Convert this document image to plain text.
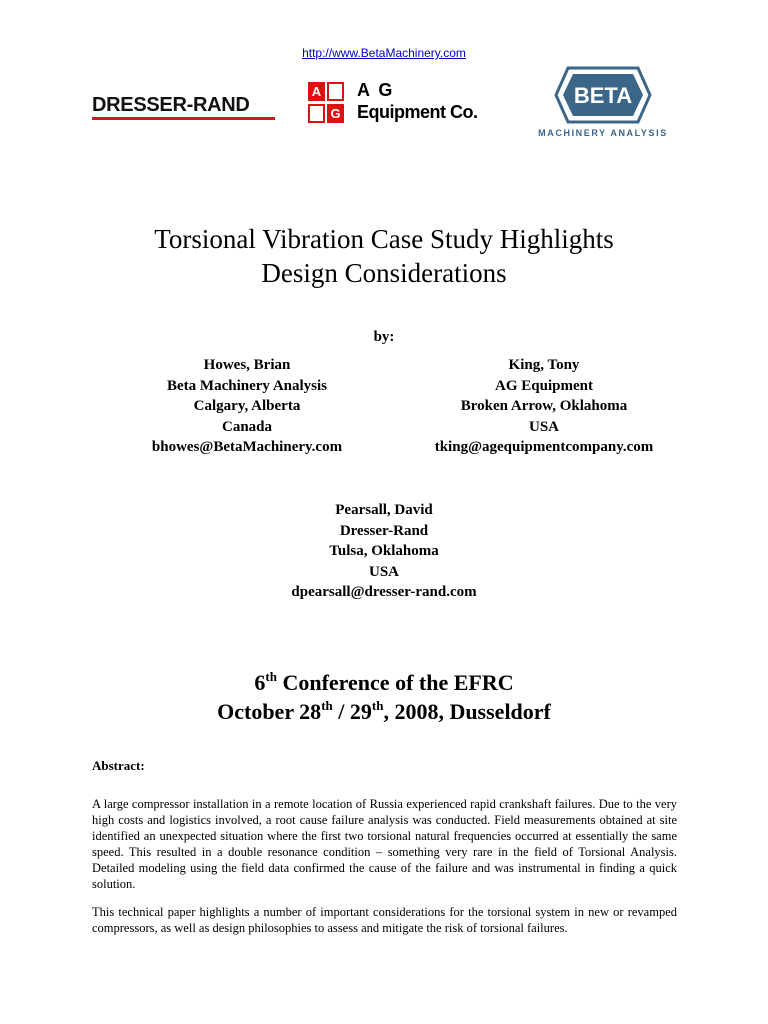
http://www.BetaMachinery.com
DRESSER-RAND
A
G
A G
Equipment Co.
BETA
MACHINERY ANALYSIS
Torsional Vibration Case Study Highlights
Design Considerations
by:
Howes, Brian
Beta Machinery Analysis
Calgary, Alberta
Canada
bhowes@BetaMachinery.com
King, Tony
AG Equipment
Broken Arrow, Oklahoma
USA
tking@agequipmentcompany.com
Pearsall, David
Dresser-Rand
Tulsa, Oklahoma
USA
dpearsall@dresser-rand.com
6th Conference of the EFRC
October 28th / 29th, 2008, Dusseldorf
Abstract:
A large compressor installation in a remote location of Russia experienced rapid crankshaft failures. Due to the very high costs and logistics involved, a root cause failure analysis was conducted. Field measurements obtained at site identified an unexpected situation where the first two torsional natural frequencies occurred at essentially the same speed. This resulted in a double resonance condition – something very rare in the field of Torsional Analysis. Detailed modeling using the field data confirmed the cause of the failure and was instrumental in finding a quick solution.
This technical paper highlights a number of important considerations for the torsional system in new or revamped compressors, as well as design philosophies to assess and mitigate the risk of torsional failures.
